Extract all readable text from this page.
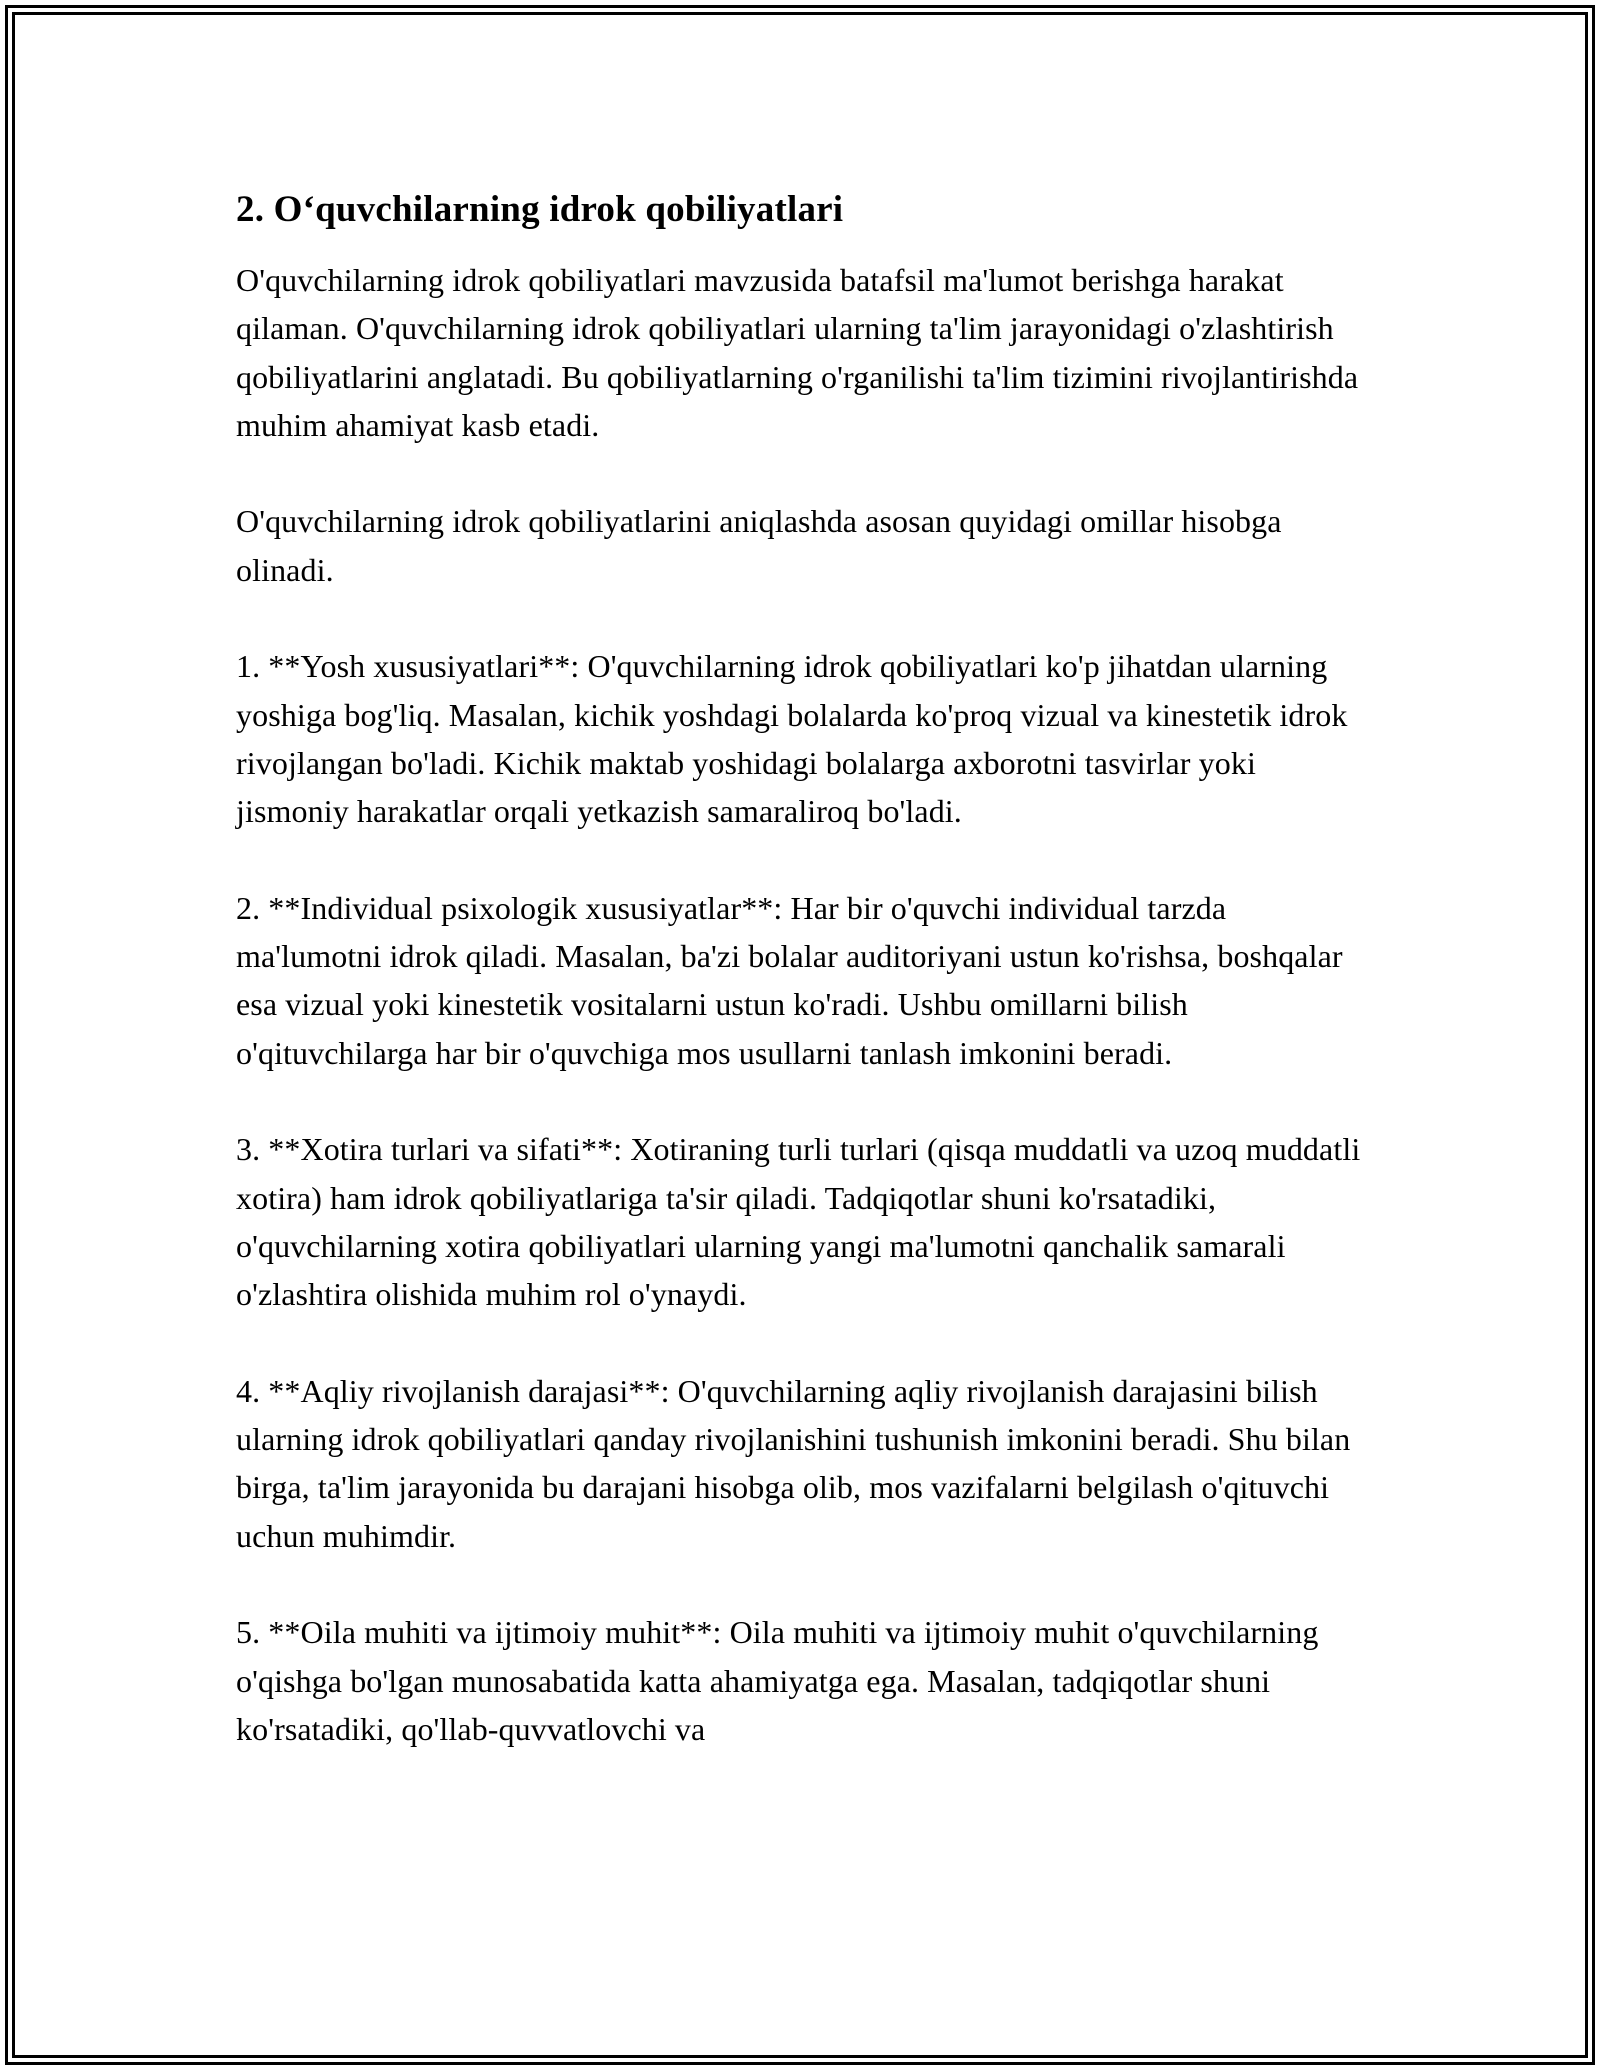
2. O‘quvchilarning idrok qobiliyatlari

O'quvchilarning idrok qobiliyatlari mavzusida batafsil ma'lumot berishga harakat qilaman. O'quvchilarning idrok qobiliyatlari ularning ta'lim jarayonidagi o'zlashtirish qobiliyatlarini anglatadi. Bu qobiliyatlarning o'rganilishi ta'lim tizimini rivojlantirishda muhim ahamiyat kasb etadi.

O'quvchilarning idrok qobiliyatlarini aniqlashda asosan quyidagi omillar hisobga olinadi.

1. **Yosh xususiyatlari**: O'quvchilarning idrok qobiliyatlari ko'p jihatdan ularning yoshiga bog'liq. Masalan, kichik yoshdagi bolalarda ko'proq vizual va kinestetik idrok rivojlangan bo'ladi. Kichik maktab yoshidagi bolalarga axborotni tasvirlar yoki jismoniy harakatlar orqali yetkazish samaraliroq bo'ladi.

2. **Individual psixologik xususiyatlar**: Har bir o'quvchi individual tarzda ma'lumotni idrok qiladi. Masalan, ba'zi bolalar auditoriyani ustun ko'rishsa, boshqalar esa vizual yoki kinestetik vositalarni ustun ko'radi. Ushbu omillarni bilish o'qituvchilarga har bir o'quvchiga mos usullarni tanlash imkonini beradi.

3. **Xotira turlari va sifati**: Xotiraning turli turlari (qisqa muddatli va uzoq muddatli xotira) ham idrok qobiliyatlariga ta'sir qiladi. Tadqiqotlar shuni ko'rsatadiki, o'quvchilarning xotira qobiliyatlari ularning yangi ma'lumotni qanchalik samarali o'zlashtira olishida muhim rol o'ynaydi.

4. **Aqliy rivojlanish darajasi**: O'quvchilarning aqliy rivojlanish darajasini bilish ularning idrok qobiliyatlari qanday rivojlanishini tushunish imkonini beradi. Shu bilan birga, ta'lim jarayonida bu darajani hisobga olib, mos vazifalarni belgilash o'qituvchi uchun muhimdir.

5. **Oila muhiti va ijtimoiy muhit**: Oila muhiti va ijtimoiy muhit o'quvchilarning o'qishga bo'lgan munosabatida katta ahamiyatga ega. Masalan, tadqiqotlar shuni ko'rsatadiki, qo'llab-quvvatlovchi va
